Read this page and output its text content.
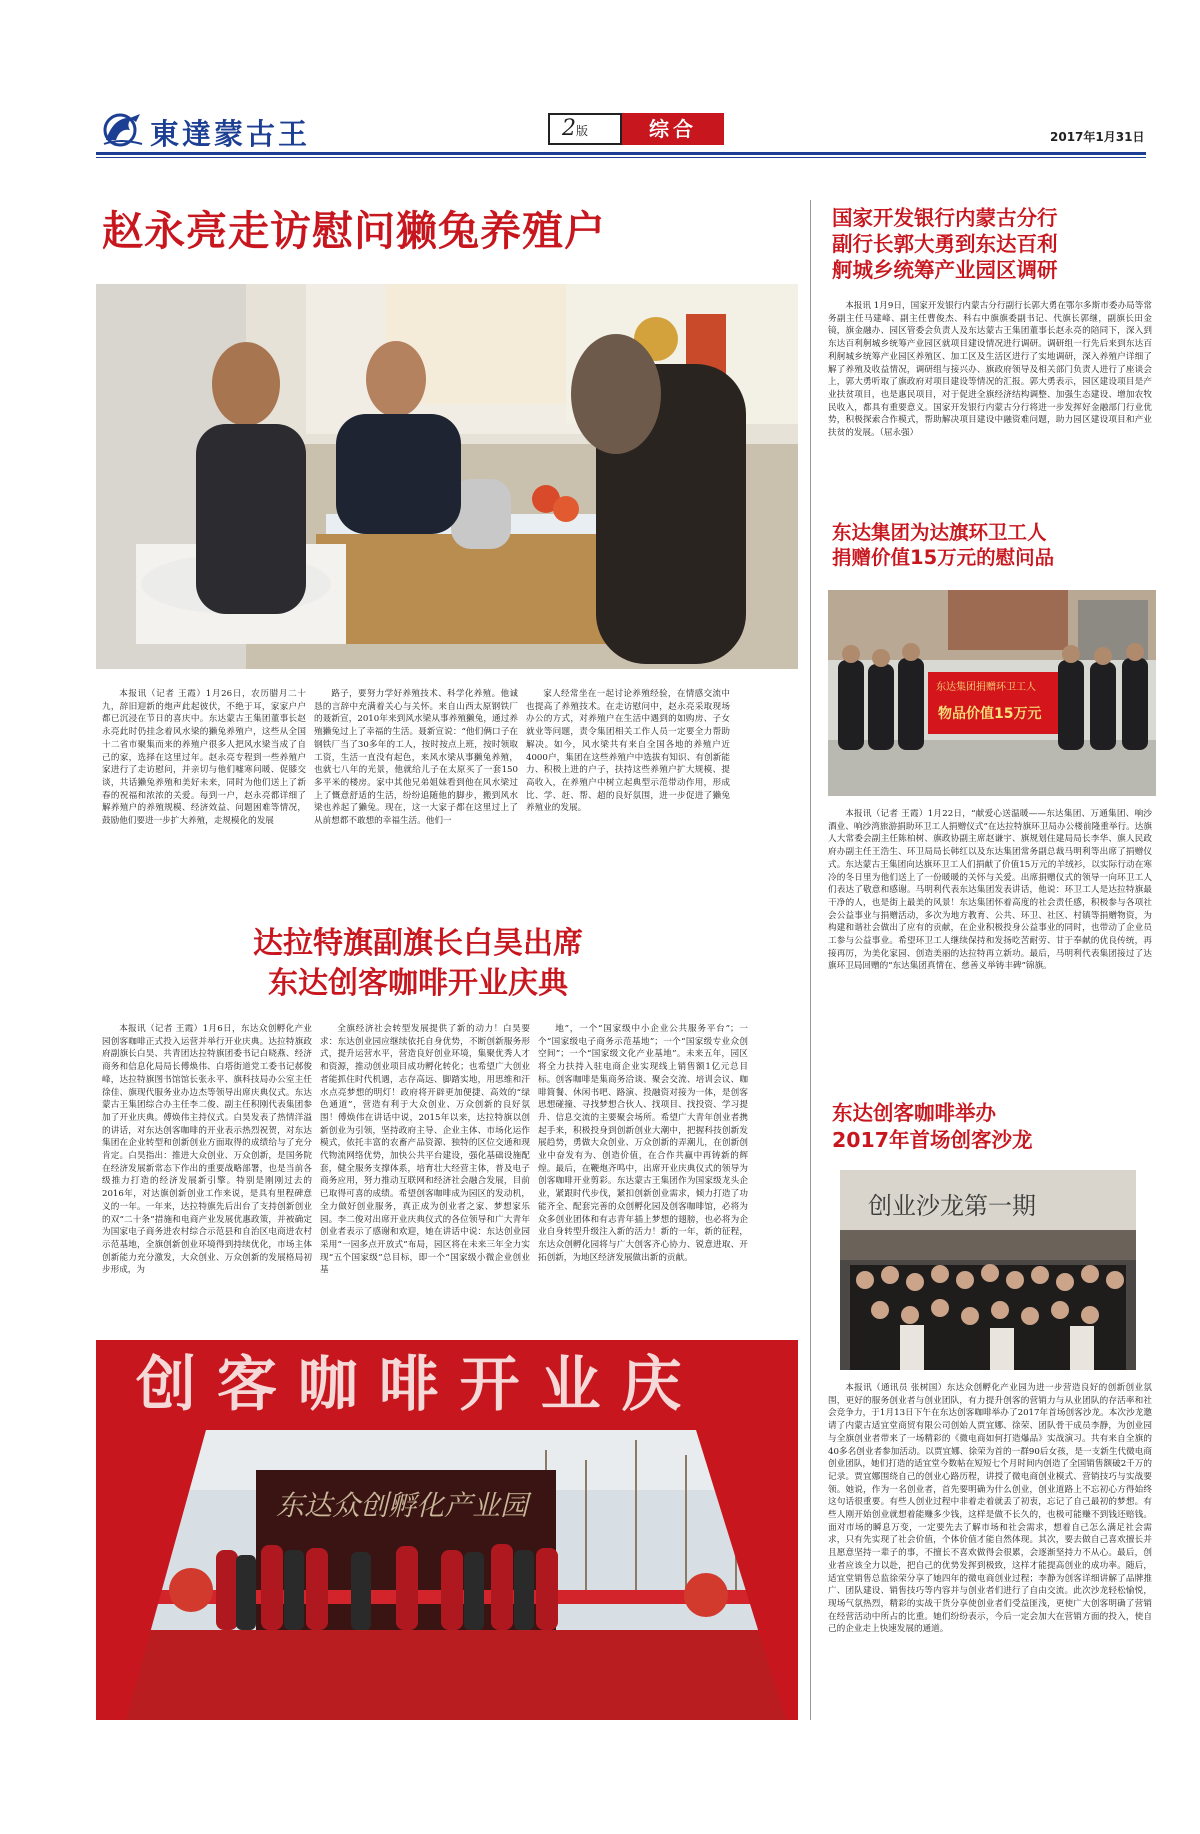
東達蒙古王	2版	综合	2017年1月31日
赵永亮走访慰问獭兔养殖户

本报讯（记者 王霞）1月26日，农历腊月二十九，辞旧迎新的炮声此起彼伏，不绝于耳，家家户户都已沉浸在节日的喜庆中。东达蒙古王集团董事长赵永亮此时仍挂念着风水梁的獭兔养殖户，这些从全国十二省市聚集而来的养殖户很多人把风水梁当成了自己的家，选择在这里过年。赵永亮专程到一些养殖户家进行了走访慰问，并亲切与他们嘘寒问暖、促膝交谈，共话獭兔养殖和美好未来，同时为他们送上了新春的祝福和浓浓的关爱。每到一户，赵永亮都详细了解养殖户的养殖规模、经济效益、问题困难等情况，鼓励他们要进一步扩大养殖，走规模化的发展

路子，要努力学好养殖技术、科学化养殖。他诚恳的言辞中充满着关心与关怀。来自山西太原钢铁厂的聂新宣，2010年来到风水梁从事养殖獭兔，通过养殖獭兔过上了幸福的生活。聂新宣说：“他们俩口子在钢铁厂当了30多年的工人，按时按点上班，按时领取工资，生活一直没有起色，来风水梁从事獭兔养殖，也就七八年的光景，他就给儿子在太原买了一套150多平米的楼房。家中其他兄弟姐妹看到他在风水梁过上了慨意舒适的生活，纷纷追随他的脚步，搬到风水梁也养起了獭兔。现在，这一大家子都在这里过上了从前想都不敢想的幸福生活。他们一

家人经常坐在一起讨论养殖经验，在情感交流中也提高了养殖技术。在走访慰问中，赵永亮采取现场办公的方式，对养殖户在生活中遇到的如购房、子女就业等问题，责令集团相关工作人员一定要全力帮助解决。如今，风水梁共有来自全国各地的养殖户近4000户，集团在这些养殖户中选拔有知识、有创新能力、积极上进的户子，扶持这些养殖户扩大规模、提高收入，在养殖户中树立起典型示范带动作用，形成比、学、赶、帮、超的良好氛围，进一步促进了獭兔养殖业的发展。

达拉特旗副旗长白昊出席
东达创客咖啡开业庆典

本报讯（记者 王霞）1月6日，东达众创孵化产业园创客咖啡正式投入运营并举行开业庆典。达拉特旗政府副旗长白昊、共青团达拉特旗团委书记白晓燕、经济商务和信息化局局长傅焕伟、白塔街道党工委书记郝俊峰，达拉特旗图书馆馆长张永平、旗科技局办公室主任徐佳、旗现代服务业办边杰等领导出席庆典仪式。东达蒙古王集团综合办主任李二俊、副主任积刚代表集团参加了开业庆典。傅焕伟主持仪式。白昊发表了热情洋溢的讲话，对东达创客咖啡的开业表示热烈祝贺，对东达集团在企业转型和创新创业方面取得的成绩给与了充分肯定。白昊指出：推进大众创业、万众创新，是国务院在经济发展新常态下作出的重要战略部署，也是当前各级推力打造的经济发展新引擎。特别是刚刚过去的2016年，对达旗创新创业工作来说，是具有里程碑意义的一年。一年来，达拉特旗先后出台了支持创新创业的双“二十条”措施和电商产业发展优惠政策，并被确定为国家电子商务进农村综合示范县和自治区电商进农村示范基地，全旗创新创业环境得到持续优化，市场主体创新能力充分激发，大众创业、万众创新的发展格局初步形成，为

全旗经济社会转型发展提供了新的动力！白昊要求：东达创业园应继续依托自身优势，不断创新服务形式，提升运营水平，营造良好创业环境，集聚优秀人才和资源，推动创业项目成功孵化转化；也希望广大创业者能抓住时代机遇，志存高远、脚踏实地，用思维和汗水点亮梦想的明灯！政府将开辟更加便捷、高效的“绿色通道”，营造有利于大众创业、万众创新的良好氛围！傅焕伟在讲话中说，2015年以来，达拉特旗以创新创业为引领，坚持政府主导、企业主体、市场化运作模式，依托丰富的农畜产品资源、独特的区位交通和现代物流网络优势，加快公共平台建设，强化基础设施配套，健全服务支撑体系，培育壮大经营主体，普及电子商务应用，努力推动互联网和经济社会融合发展，目前已取得可喜的成绩。希望创客咖啡成为园区的发动机，全力做好创业服务，真正成为创业者之家、梦想家乐园。李二俊对出席开业庆典仪式的各位领导和广大青年创业者表示了感谢和欢迎，她在讲话中说：东达创业园采用“一园多点开放式”布局，园区将在未来三年全力实现“五个国家级”总目标，即一个“国家级小微企业创业基

地”，一个“国家级中小企业公共服务平台”；一个“国家级电子商务示范基地”；一个“国家级专业众创空间”；一个“国家级文化产业基地”。未来五年，园区将全力扶持入驻电商企业实现线上销售额1亿元总目标。创客咖啡是集商务洽谈、聚会交流、培训会议、咖啡简餐、休闲书吧、路演、投融资对接为一体，是创客思想碰撞、寻找梦想合伙人、找项目、找投资、学习提升、信息交流的主要聚会场所。希望广大青年创业者携起手来，积极投身到创新创业大潮中，把握科技创新发展趋势，勇做大众创业、万众创新的弄潮儿，在创新创业中奋发有为、创造价值，在合作共赢中再铸新的辉煌。最后，在鞭炮齐鸣中，出席开业庆典仪式的领导为创客咖啡开业剪彩。东达蒙古王集团作为国家级龙头企业，紧跟时代步伐，紧扣创新创业需求，倾力打造了功能齐全、配套完善的众创孵化园及创客咖啡馆，必将为众多创业团体和有志青年插上梦想的翅膀，也必将为企业自身转型升级注入新的活力！新的一年，新的征程，东达众创孵化园将与广大创客齐心协力、锐意进取、开拓创新，为地区经济发展做出新的贡献。

创 客 咖 啡 开 业 庆
东达众创孵化产业园
国家开发银行内蒙古分行
副行长郭大勇到东达百利
舸城乡统筹产业园区调研

本报讯 1月9日，国家开发银行内蒙古分行副行长郭大勇在鄂尔多斯市委办局等常务副主任马建峰、副主任曹俊杰、科右中旗旗委副书记、代旗长郭继，副旗长田金镜，旗金融办、园区管委会负责人及东达蒙古王集团董事长赵永亮的陪同下，深入到东达百利舸城乡统筹产业园区就项目建设情况进行调研。调研组一行先后来到东达百利舸城乡统筹产业园区养殖区、加工区及生活区进行了实地调研，深入养殖户详细了解了养殖及收益情况，调研组与接兴办、旗政府领导及相关部门负责人进行了座谈会上，郭大勇听取了旗政府对项目建设等情况的汇报。郭大勇表示，园区建设项目是产业扶贫项目，也是惠民项目，对于促进全旗经济结构调整、加强生态建设、增加农牧民收入，都具有重要意义。国家开发银行内蒙古分行将进一步发挥好金融部门行业优势，积极探索合作模式，帮助解决项目建设中融资难问题，助力园区建设项目和产业扶贫的发展。（屈永强）

东达集团为达旗环卫工人
捐赠价值15万元的慰问品
东达集团捐赠环卫工人
物品价值15万元

本报讯（记者 王霞）1月22日，“献爱心送温暖——东达集团、万通集团、响沙酒业、响沙湾旅游捐助环卫工人捐赠仪式”在达拉特旗环卫局办公楼前隆重举行。达旗人大常委会副主任陈柏树、旗政协副主席赵谦宇、旗规划住建局局长李华、旗人民政府办副主任王浩生、环卫局局长韩红以及东达集团常务副总裁马明利等出席了捐赠仪式。东达蒙古王集团向达旗环卫工人们捐献了价值15万元的羊绒衫，以实际行动在寒冷的冬日里为他们送上了一份暖暖的关怀与关爱。出席捐赠仪式的领导一向环卫工人们表达了敬意和感谢。马明利代表东达集团发表讲话，他说：环卫工人是达拉特旗最干净的人，也是街上最美的风景！东达集团怀着高度的社会责任感，积极参与各项社会公益事业与捐赠活动，多次为地方教育、公共、环卫、社区、村镇等捐赠物资，为构建和谐社会做出了应有的贡献，在企业积极投身公益事业的同时，也带动了企业员工参与公益事业。希望环卫工人继续保持和发扬吃苦耐劳、甘于奉献的优良传统，再接再厉，为美化家园、创造美丽的达拉特再立新功。最后，马明利代表集团接过了达旗环卫局回赠的“东达集团真情在、慈善义举铸丰碑”锦旗。

东达创客咖啡举办
2017年首场创客沙龙
创业沙龙第一期

本报讯（通讯员 张树国）东达众创孵化产业园为进一步营造良好的创新创业氛围，更好的服务创业者与创业团队，有力提升创客的营销力与从业团队的存活率和社会竞争力，于1月13日下午在东达创客咖啡举办了2017年首场创客沙龙。本次沙龙邀请了内蒙古适宜堂商贸有限公司创始人贾宜娜、徐荣、团队骨干成员李静，为创业园与全旗创业者带来了一场精彩的《微电商如何打造爆品》实战演习。共有来自全旗的40多名创业者参加活动。以贾宜娜、徐荣为首的一群90后女孩，是一支新生代微电商创业团队，她们打造的适宜堂今数帖在短短七个月时间内创造了全国销售额破2千万的记录。贾宜娜围绕自己的创业心路历程，讲授了微电商创业模式、营销技巧与实战要领。她说，作为一名创业者，首先要明确为什么创业，创业道路上不忘初心方得始终这句话很重要。有些人创业过程中非着走着就丢了初衷，忘记了自己最初的梦想。有些人刚开始创业就想着能赚多少钱，这样是做不长久的，也极可能赚不到钱还赔钱。面对市场的瞬息万变，一定要先去了解市场和社会需求，想着自己怎么满足社会需求，只有先实现了社会价值，个体价值才能自然体现。其次，要去做自己喜欢擅长并且愿意坚持一辈子的事，不擅长不喜欢做得会很累，会逐渐坚持力不从心。最后，创业者应该全力以赴，把自己的优势发挥到极致，这样才能提高创业的成功率。随后，适宜堂销售总监徐荣分享了她四年的微电商创业过程；李静为创客详细讲解了品牌推广、团队建设、销售技巧等内容并与创业者们进行了自由交流。此次沙龙轻松愉悦，现场气氛热烈，精彩的实战干货分享使创业者们受益匪浅，更使广大创客明确了营销在经营活动中所占的比重。她们纷纷表示，今后一定会加大在营销方面的投入，使自己的企业走上快速发展的通道。
